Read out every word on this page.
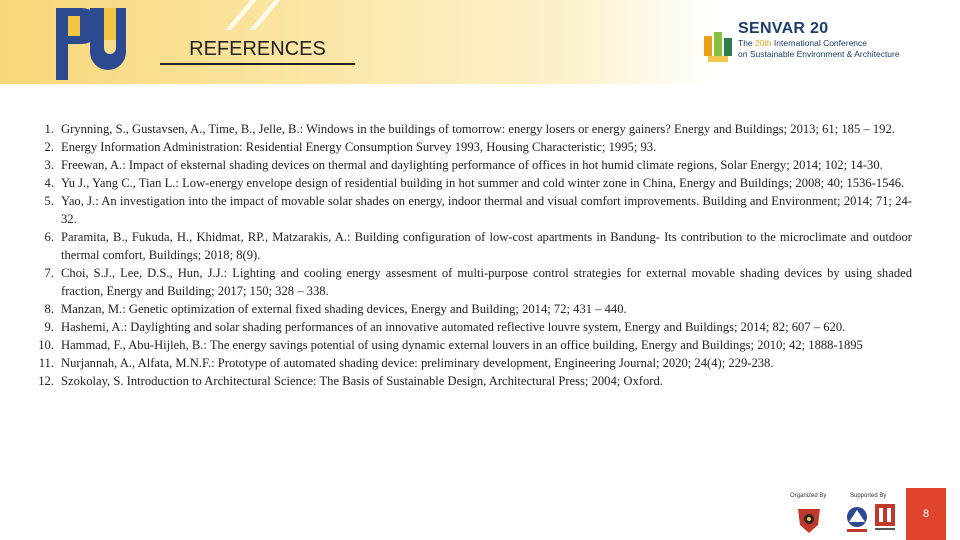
REFERENCES
SENVAR 20
The 20th International Conference
on Sustainable Environment & Architecture
1. Grynning, S., Gustavsen, A., Time, B., Jelle, B.: Windows in the buildings of tomorrow: energy losers or energy gainers? Energy and Buildings; 2013; 61; 185 – 192.
2. Energy Information Administration: Residential Energy Consumption Survey 1993, Housing Characteristic; 1995; 93.
3. Freewan, A.: Impact of eksternal shading devices on thermal and daylighting performance of offices in hot humid climate regions, Solar Energy; 2014; 102; 14-30.
4. Yu J., Yang C., Tian L.: Low-energy envelope design of residential building in hot summer and cold winter zone in China, Energy and Buildings; 2008; 40; 1536-1546.
5. Yao, J.: An investigation into the impact of movable solar shades on energy, indoor thermal and visual comfort improvements. Building and Environment; 2014; 71; 24-32.
6. Paramita, B., Fukuda, H., Khidmat, RP., Matzarakis, A.: Building configuration of low-cost apartments in Bandung- Its contribution to the microclimate and outdoor thermal comfort, Buildings; 2018; 8(9).
7. Choi, S.J., Lee, D.S., Hun, J.J.: Lighting and cooling energy assesment of multi-purpose control strategies for external movable shading devices by using shaded fraction, Energy and Building; 2017; 150; 328 – 338.
8. Manzan, M.: Genetic optimization of external fixed shading devices, Energy and Building; 2014; 72; 431 – 440.
9. Hashemi, A.: Daylighting and solar shading performances of an innovative automated reflective louvre system, Energy and Buildings; 2014; 82; 607 – 620.
10. Hammad, F., Abu-Hijleh, B.: The energy savings potential of using dynamic external louvers in an office building, Energy and Buildings; 2010; 42; 1888-1895
11. Nurjannah, A., Alfata, M.N.F.: Prototype of automated shading device: preliminary development, Engineering Journal; 2020; 24(4); 229-238.
12. Szokolay, S. Introduction to Architectural Science: The Basis of Sustainable Design, Architectural Press; 2004; Oxford.
Organized By	Supported By
8
